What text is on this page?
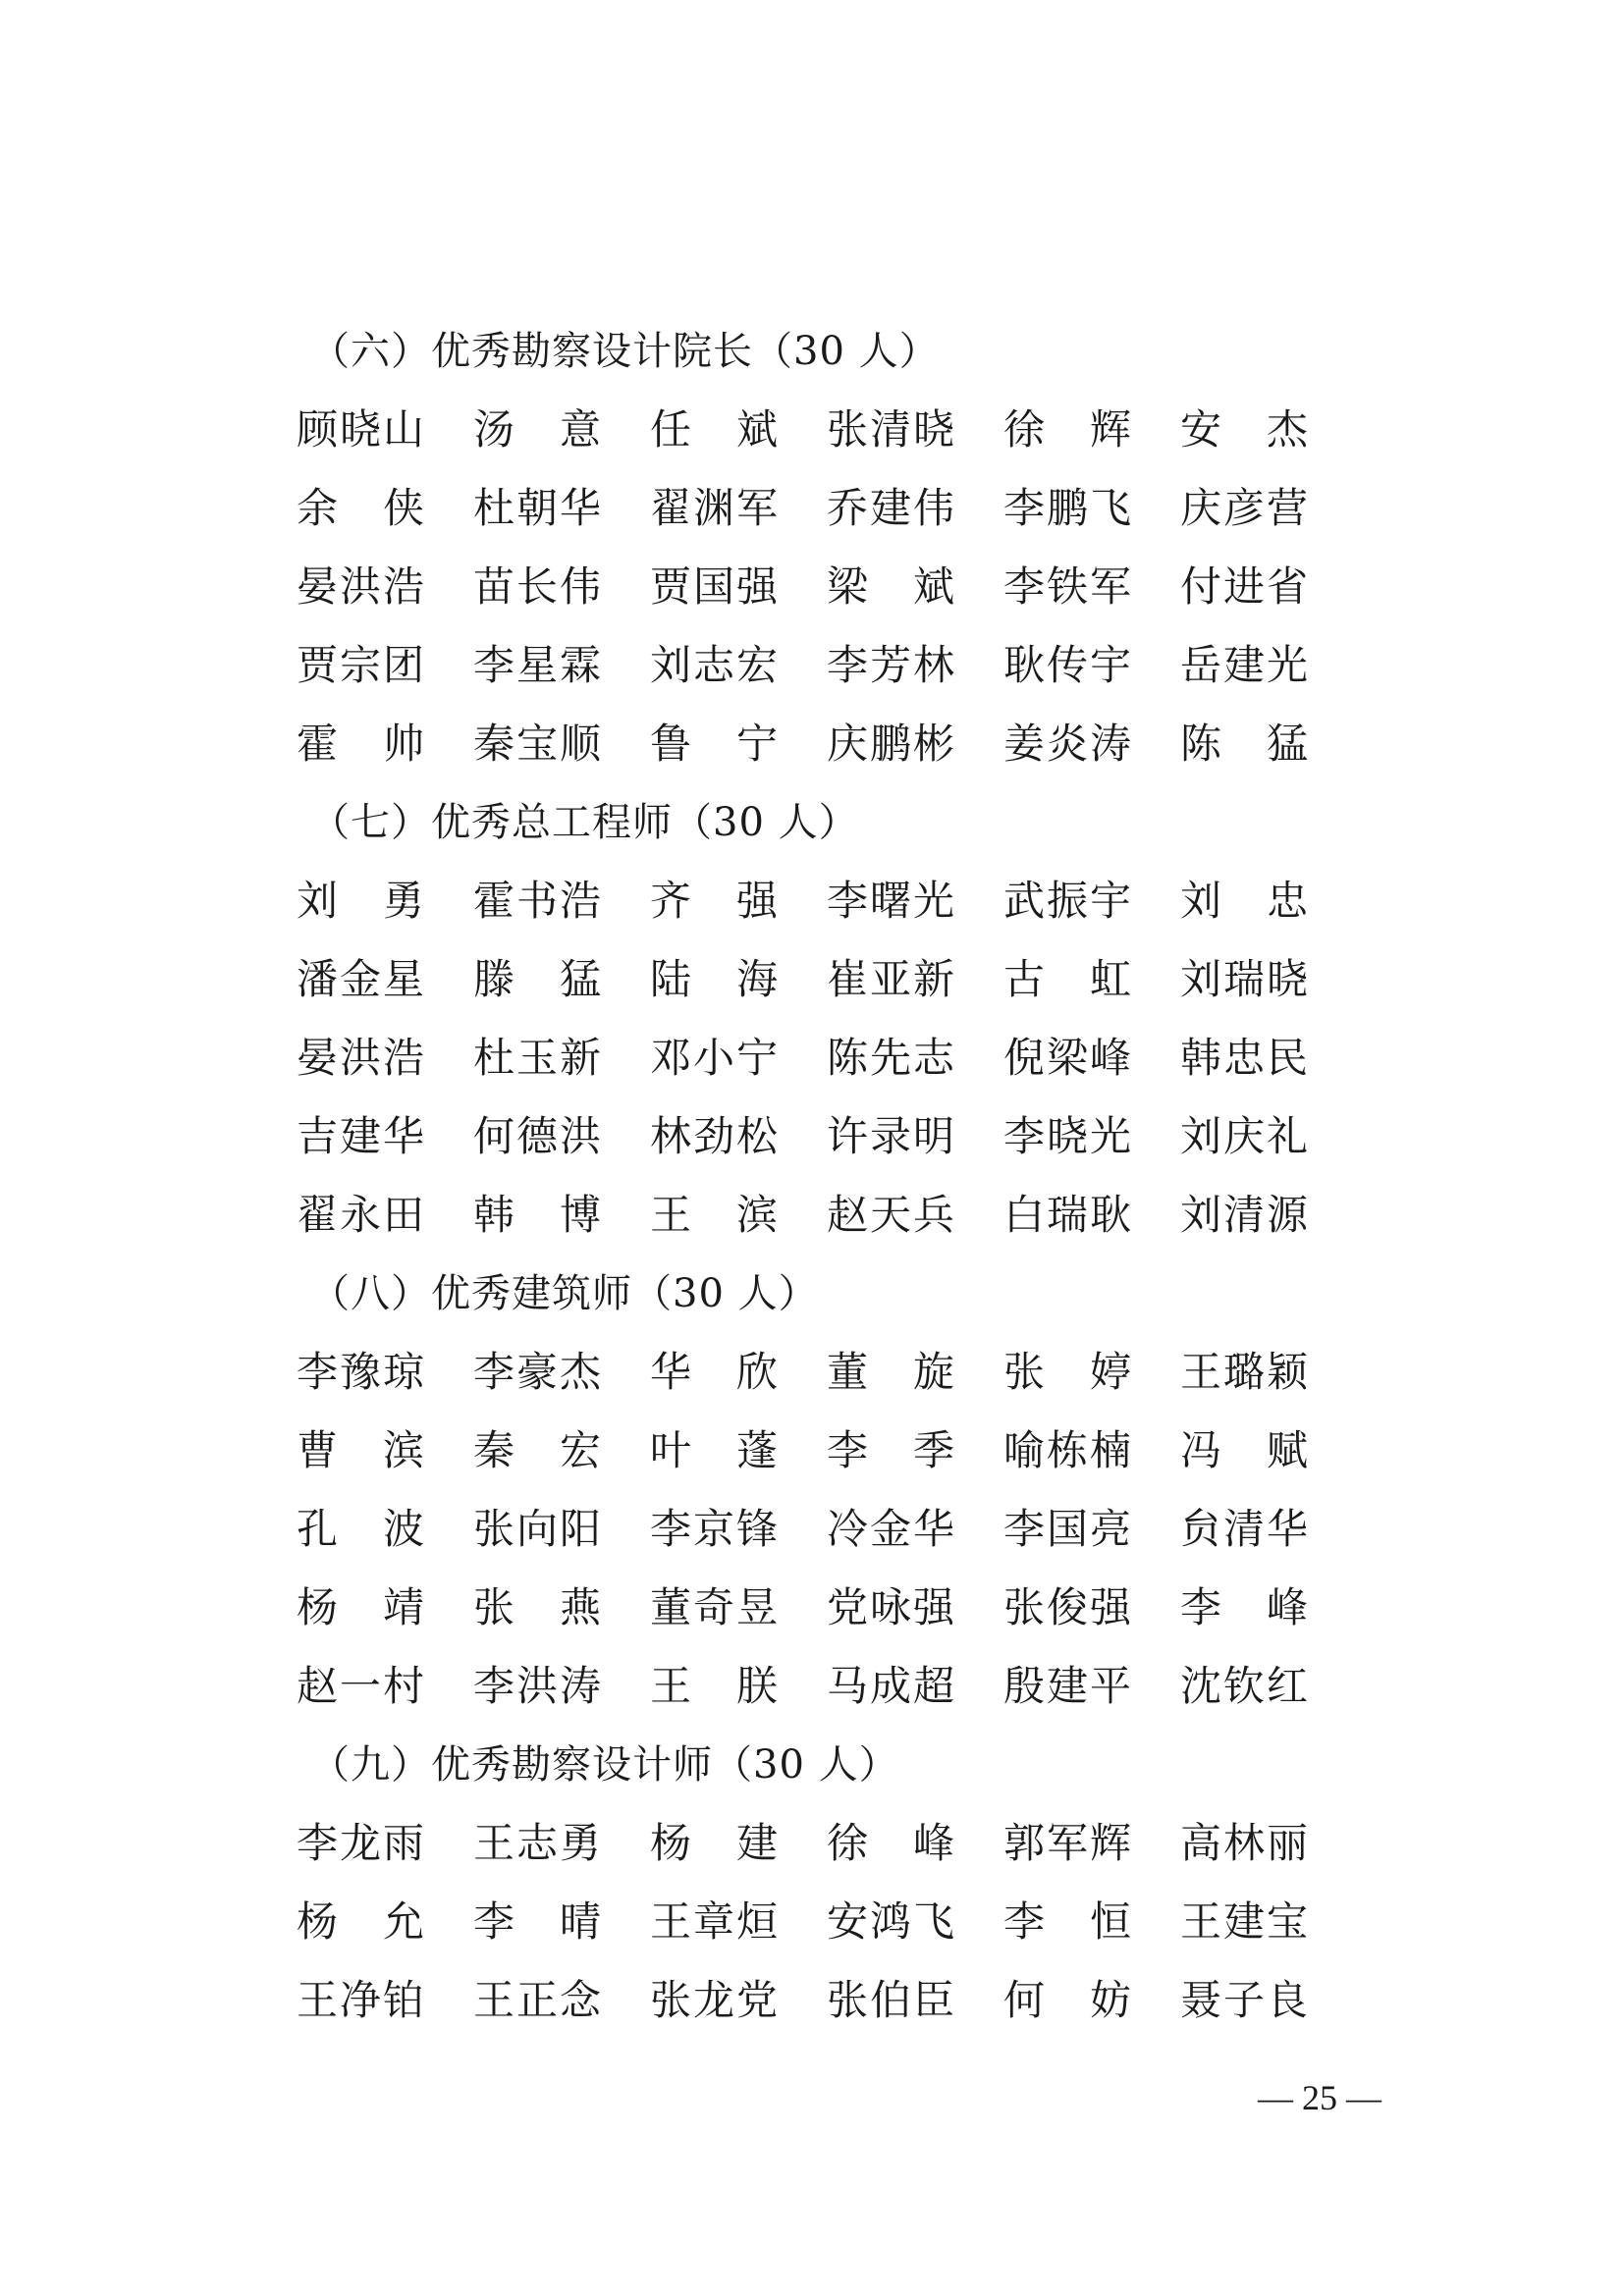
（六）优秀勘察设计院长（30 人）
顾 晓 山 汤 意 任 斌 张 清 晓 徐 辉 安 杰
余 侠 杜 朝 华 翟 渊 军 乔 建 伟 李 鹏 飞 庆 彦 营
晏 洪 浩 苗 长 伟 贾 国 强 梁 斌 李 铁 军 付 进 省
贾 宗 团 李 星 霖 刘 志 宏 李 芳 林 耿 传 宇 岳 建 光
霍 帅 秦 宝 顺 鲁 宁 庆 鹏 彬 姜 炎 涛 陈 猛
（七）优秀总工程师（30 人）
刘 勇 霍 书 浩 齐 强 李 曙 光 武 振 宇 刘 忠
潘 金 星 滕 猛 陆 海 崔 亚 新 古 虹 刘 瑞 晓
晏 洪 浩 杜 玉 新 邓 小 宁 陈 先 志 倪 梁 峰 韩 忠 民
吉 建 华 何 德 洪 林 劲 松 许 录 明 李 晓 光 刘 庆 礼
翟 永 田 韩 博 王 滨 赵 天 兵 白 瑞 耿 刘 清 源
（八）优秀建筑师（30 人）
李 豫 琼 李 豪 杰 华 欣 董 旋 张 婷 王 璐 颖
曹 滨 秦 宏 叶 蓬 李 季 喻 栋 楠 冯 赋
孔 波 张 向 阳 李 京 锋 冷 金 华 李 国 亮 贠 清 华
杨 靖 张 燕 董 奇 昱 党 咏 强 张 俊 强 李 峰
赵 一 村 李 洪 涛 王 朕 马 成 超 殷 建 平 沈 钦 红
（九）优秀勘察设计师（30 人）
李 龙 雨 王 志 勇 杨 建 徐 峰 郭 军 辉 高 林 丽
杨 允 李 晴 王 章 烜 安 鸿 飞 李 恒 王 建 宝
王 净 铂 王 正 念 张 龙 党 张 伯 臣 何 妨 聂 子 良
— 25 —
